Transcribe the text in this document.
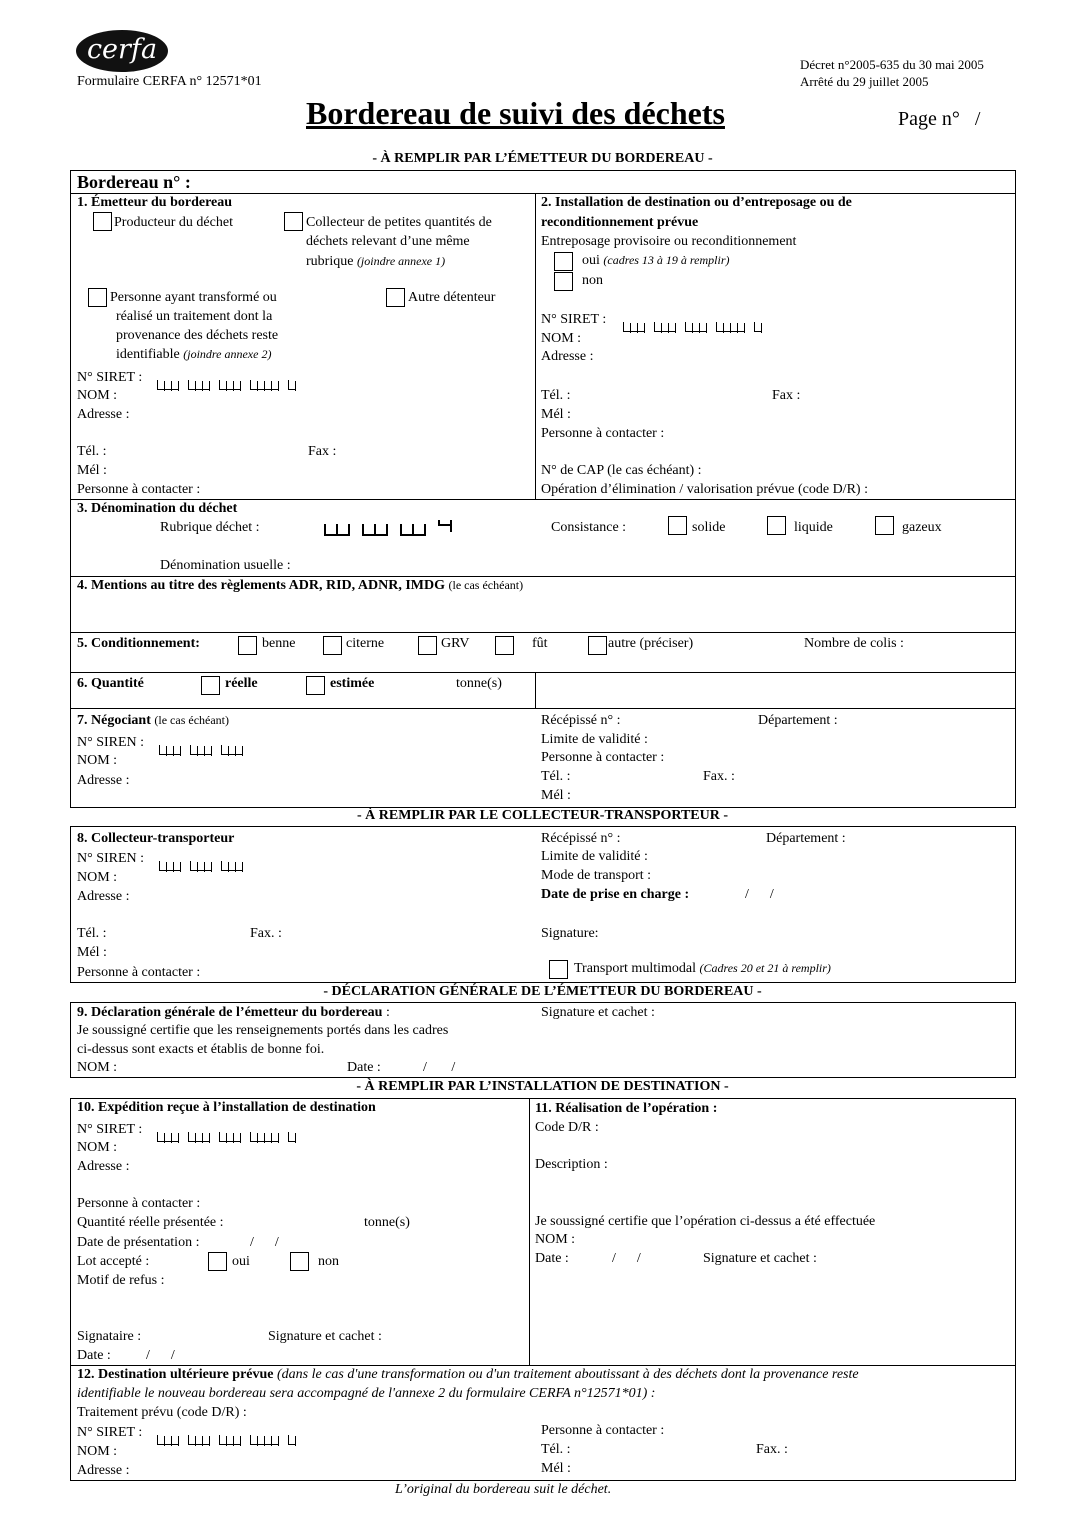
cerfa
Formulaire CERFA n° 12571*01
Décret n°2005-635 du 30 mai 2005
Arrêté du 29 juillet 2005
Bordereau de suivi des déchets	Page n°   /
- À REMPLIR PAR L’ÉMETTEUR DU BORDEREAU -
Bordereau n° :
1. Émetteur du bordereau
Producteur du déchet	Collecteur de petites quantités de
déchets relevant d’une même
rubrique (joindre annexe 1)
Personne ayant transformé ou
réalisé un traitement dont la
provenance des déchets reste
identifiable (joindre annexe 2)
Autre détenteur
N° SIRET :
NOM :
Adresse :
Tél. :	Fax :
Mél :
Personne à contacter :
2. Installation de destination ou d’entreposage ou de
reconditionnement prévue
Entreposage provisoire ou reconditionnement
oui (cadres 13 à 19 à remplir)
non
N° SIRET :
NOM :
Adresse :
Tél. :	Fax :
Mél :
Personne à contacter :
N° de CAP (le cas échéant) :
Opération d’élimination / valorisation prévue (code D/R) :
3. Dénomination du déchet
Rubrique déchet :	Consistance :	solide	liquide	gazeux
Dénomination usuelle :
4. Mentions au titre des règlements ADR, RID, ADNR, IMDG (le cas échéant)
5. Conditionnement:	benne	citerne	GRV	fût	autre (préciser)	Nombre de colis :
6. Quantité	réelle	estimée	tonne(s)
7. Négociant (le cas échéant)
N° SIREN :
NOM :
Adresse :
Récépissé n° :	Département :
Limite de validité :
Personne à contacter :
Tél. :	Fax. :
Mél :
- À REMPLIR PAR LE COLLECTEUR-TRANSPORTEUR -
8. Collecteur-transporteur
N° SIREN :
NOM :
Adresse :
Tél. :	Fax. :
Mél :
Personne à contacter :
Récépissé n° :	Département :
Limite de validité :
Mode de transport :
Date de prise en charge :	/      /
Signature:
Transport multimodal (Cadres 20 et 21 à remplir)
- DÉCLARATION GÉNÉRALE DE L’ÉMETTEUR DU BORDEREAU -
9. Déclaration générale de l’émetteur du bordereau :
Je soussigné certifie que les renseignements portés dans les cadres
ci-dessus sont exacts et établis de bonne foi.
NOM :	Date :	/       /
Signature et cachet :
- À REMPLIR PAR L’INSTALLATION DE DESTINATION -
10. Expédition reçue à l’installation de destination
N° SIRET :
NOM :
Adresse :
Personne à contacter :
Quantité réelle présentée :	tonne(s)
Date de présentation :	/      /
Lot accepté :	oui	non
Motif de refus :
Signataire :	Signature et cachet :
Date :	/      /
11. Réalisation de l’opération :
Code D/R :
Description :
Je soussigné certifie que l’opération ci-dessus a été effectuée
NOM :
Date :	/      /	Signature et cachet :
12. Destination ultérieure prévue (dans le cas d'une transformation ou d'un traitement aboutissant à des déchets dont la provenance reste
identifiable le nouveau bordereau sera accompagné de l'annexe 2 du formulaire CERFA n°12571*01) :
Traitement prévu (code D/R) :
N° SIRET :
NOM :
Adresse :
Personne à contacter :
Tél. :	Fax. :
Mél :
L’original du bordereau suit le déchet.
